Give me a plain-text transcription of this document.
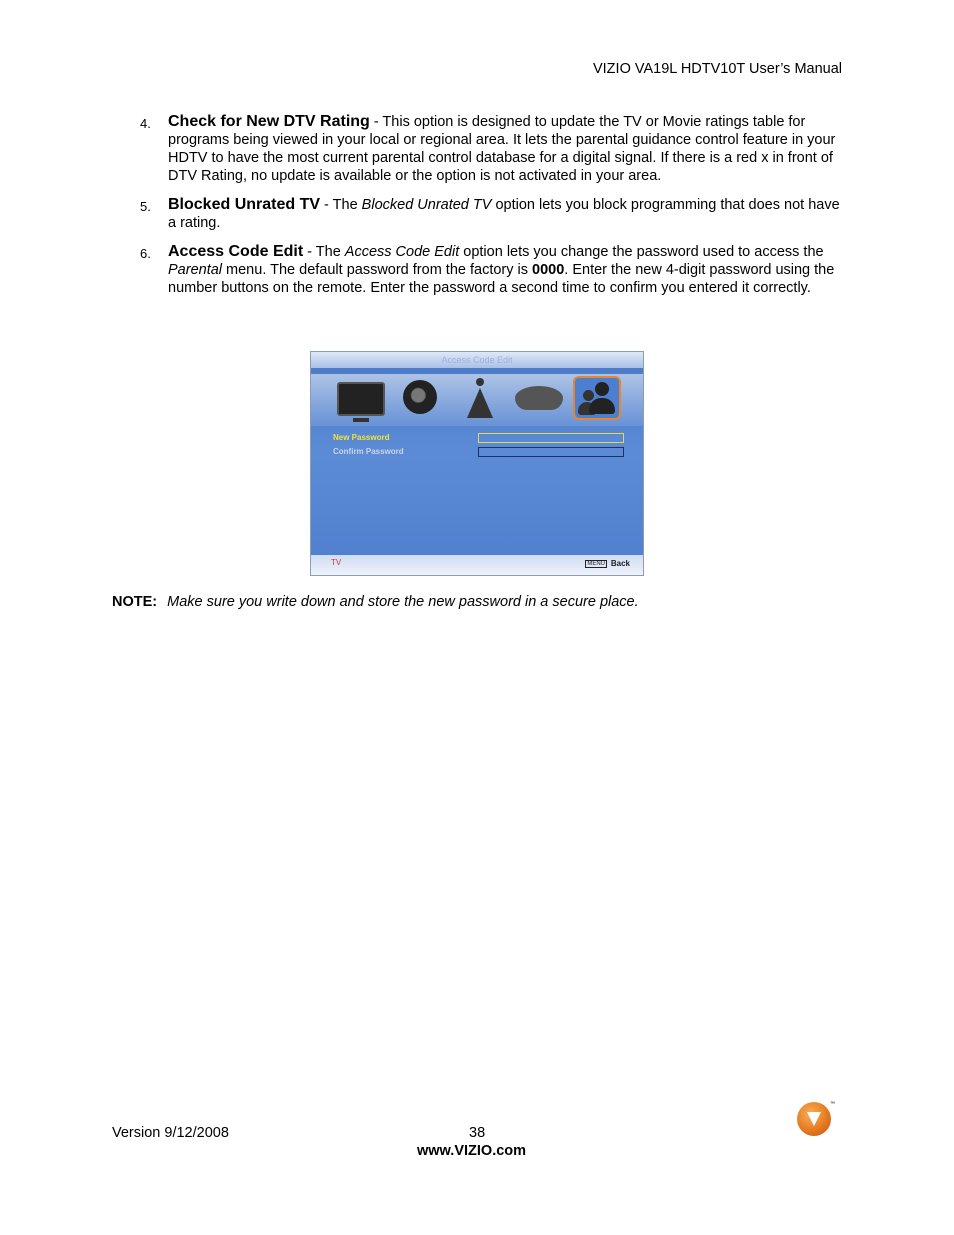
VIZIO VA19L HDTV10T User’s Manual
4. Check for New DTV Rating - This option is designed to update the TV or Movie ratings table for programs being viewed in your local or regional area. It lets the parental guidance control feature in your HDTV to have the most current parental control database for a digital signal. If there is a red x in front of DTV Rating, no update is available or the option is not activated in your area.
5. Blocked Unrated TV - The Blocked Unrated TV option lets you block programming that does not have a rating.
6. Access Code Edit - The Access Code Edit option lets you change the password used to access the Parental menu. The default password from the factory is 0000. Enter the new 4-digit password using the number buttons on the remote. Enter the password a second time to confirm you entered it correctly.
Access Code Edit
New Password
Confirm Password
TV	MENU Back
NOTE: Make sure you write down and store the new password in a secure place.
Version 9/12/2008	38
www.VIZIO.com
™
